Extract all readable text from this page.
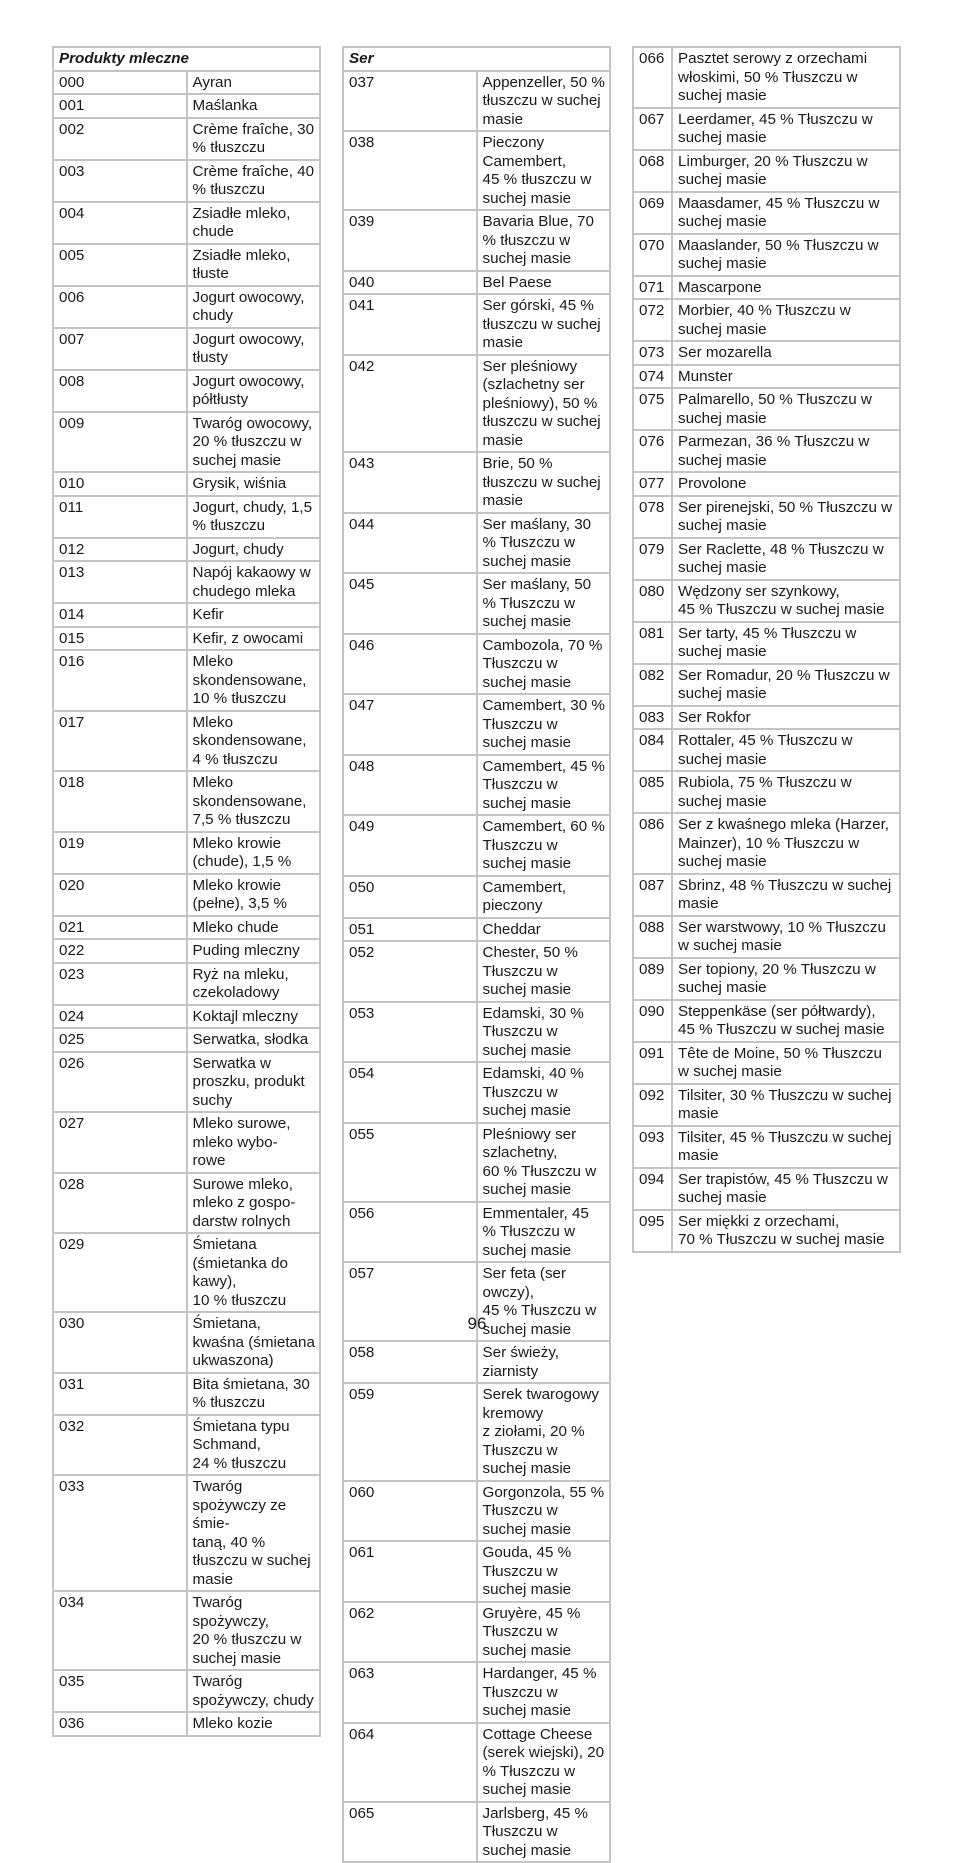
Produkty mleczne	
000	Ayran
001	Maślanka
002	Crème fraîche, 30 % tłuszczu
003	Crème fraîche, 40 % tłuszczu
004	Zsiadłe mleko, chude
005	Zsiadłe mleko, tłuste
006	Jogurt owocowy, chudy
007	Jogurt owocowy, tłusty
008	Jogurt owocowy, półtłusty
009	Twaróg owocowy,
20 % tłuszczu w suchej masie
010	Grysik, wiśnia
011	Jogurt, chudy, 1,5 % tłuszczu
012	Jogurt, chudy
013	Napój kakaowy w chudego mleka
014	Kefir
015	Kefir, z owocami
016	Mleko skondensowane,
10 % tłuszczu
017	Mleko skondensowane,
4 % tłuszczu
018	Mleko skondensowane,
7,5 % tłuszczu
019	Mleko krowie (chude), 1,5 %
020	Mleko krowie (pełne), 3,5 %
021	Mleko chude
022	Puding mleczny
023	Ryż na mleku, czekoladowy
024	Koktajl mleczny
025	Serwatka, słodka
026	Serwatka w proszku, produkt suchy
027	Mleko surowe, mleko wybo-
rowe
028	Surowe mleko, mleko z gospo-
darstw rolnych
029	Śmietana (śmietanka do kawy),
10 % tłuszczu
030	Śmietana, kwaśna (śmietana ukwaszona)
031	Bita śmietana, 30 % tłuszczu
032	Śmietana typu Schmand,
24 % tłuszczu
033	Twaróg spożywczy ze śmie-
taną, 40 % tłuszczu w suchej
masie
034	Twaróg spożywczy,
20 % tłuszczu w suchej masie
035	Twaróg spożywczy, chudy
036	Mleko kozie
Ser	
037	Appenzeller, 50 % tłuszczu w suchej masie
038	Pieczony Camembert,
45 % tłuszczu w suchej masie
039	Bavaria Blue, 70 % tłuszczu w suchej masie
040	Bel Paese
041	Ser górski, 45 % tłuszczu w suchej masie
042	Ser pleśniowy (szlachetny ser pleśniowy), 50 % tłuszczu w suchej masie
043	Brie, 50 % tłuszczu w suchej masie
044	Ser maślany, 30 % Tłuszczu w suchej masie
045	Ser maślany, 50 % Tłuszczu w suchej masie
046	Cambozola, 70 % Tłuszczu w suchej masie
047	Camembert, 30 % Tłuszczu w suchej masie
048	Camembert, 45 % Tłuszczu w suchej masie
049	Camembert, 60 % Tłuszczu w suchej masie
050	Camembert, pieczony
051	Cheddar
052	Chester, 50 % Tłuszczu w suchej masie
053	Edamski, 30 % Tłuszczu w suchej masie
054	Edamski, 40 % Tłuszczu w suchej masie
055	Pleśniowy ser szlachetny,
60 % Tłuszczu w suchej masie
056	Emmentaler, 45 % Tłuszczu w suchej masie
057	Ser feta (ser owczy),
45 % Tłuszczu w suchej masie
058	Ser świeży, ziarnisty
059	Serek twarogowy kremowy
z ziołami, 20 % Tłuszczu w
suchej masie
060	Gorgonzola, 55 % Tłuszczu w suchej masie
061	Gouda, 45 % Tłuszczu w
suchej masie
062	Gruyère, 45 % Tłuszczu w
suchej masie
063	Hardanger, 45 % Tłuszczu w suchej masie
064	Cottage Cheese (serek wiejski), 20 % Tłuszczu w suchej masie
065	Jarlsberg, 45 % Tłuszczu w suchej masie
066	Pasztet serowy z orzechami włoskimi, 50 % Tłuszczu w suchej masie
067	Leerdamer, 45 % Tłuszczu w suchej masie
068	Limburger, 20 % Tłuszczu w suchej masie
069	Maasdamer, 45 % Tłuszczu w suchej masie
070	Maaslander, 50 % Tłuszczu w suchej masie
071	Mascarpone
072	Morbier, 40 % Tłuszczu w suchej masie
073	Ser mozarella
074	Munster
075	Palmarello, 50 % Tłuszczu w suchej masie
076	Parmezan, 36 % Tłuszczu w suchej masie
077	Provolone
078	Ser pirenejski, 50 % Tłuszczu w suchej masie
079	Ser Raclette, 48 % Tłuszczu w suchej masie
080	Wędzony ser szynkowy,
45 % Tłuszczu w suchej masie
081	Ser tarty, 45 % Tłuszczu w suchej masie
082	Ser Romadur, 20 % Tłuszczu w suchej masie
083	Ser Rokfor
084	Rottaler, 45 % Tłuszczu w suchej masie
085	Rubiola, 75 % Tłuszczu w suchej masie
086	Ser z kwaśnego mleka (Harzer, Mainzer), 10 % Tłuszczu w suchej masie
087	Sbrinz, 48 % Tłuszczu w suchej masie
088	Ser warstwowy, 10 % Tłuszczu w suchej masie
089	Ser topiony, 20 % Tłuszczu w suchej masie
090	Steppenkäse (ser półtwardy),
45 % Tłuszczu w suchej masie
091	Tête de Moine, 50 % Tłuszczu w suchej masie
092	Tilsiter, 30 % Tłuszczu w suchej masie
093	Tilsiter, 45 % Tłuszczu w suchej masie
094	Ser trapistów, 45 % Tłuszczu w suchej masie
095	Ser miękki z orzechami,
70 % Tłuszczu w suchej masie
96
